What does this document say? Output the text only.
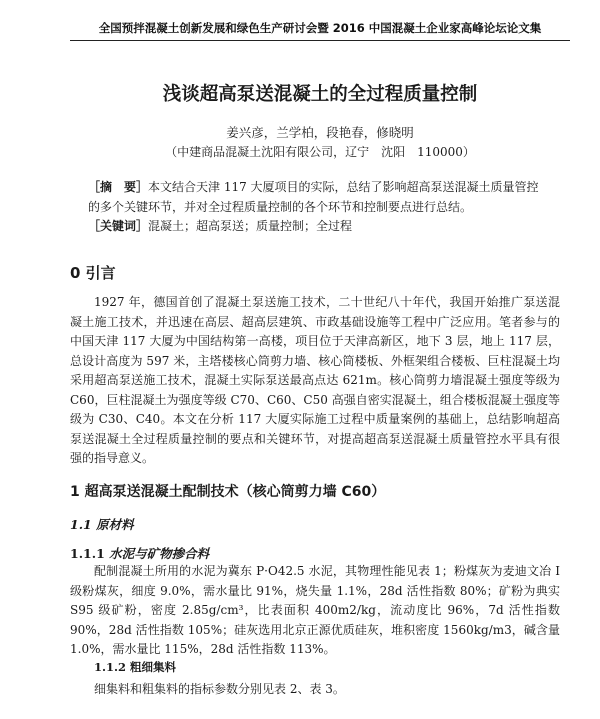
全国预拌混凝土创新发展和绿色生产研讨会暨 2016 中国混凝土企业家高峰论坛论文集
浅谈超高泵送混凝土的全过程质量控制
姜兴彦，兰学柏，段艳春，修晓明
（中建商品混凝土沈阳有限公司，辽宁　沈阳　110000）

［摘　要］本文结合天津 117 大厦项目的实际，总结了影响超高泵送混凝土质量管控的多个关键环节，并对全过程质量控制的各个环节和控制要点进行总结。

［关键词］混凝土；超高泵送；质量控制；全过程

0 引言

1927 年，德国首创了混凝土泵送施工技术，二十世纪八十年代，我国开始推广泵送混凝土施工技术，并迅速在高层、超高层建筑、市政基础设施等工程中广泛应用。笔者参与的中国天津 117 大厦为中国结构第一高楼，项目位于天津高新区，地下 3 层，地上 117 层，总设计高度为 597 米，主塔楼核心筒剪力墙、核心筒楼板、外框架组合楼板、巨柱混凝土均采用超高泵送施工技术，混凝土实际泵送最高点达 621m。核心筒剪力墙混凝土强度等级为 C60，巨柱混凝土为强度等级 C70、C60、C50 高强自密实混凝土，组合楼板混凝土强度等级为 C30、C40。本文在分析 117 大厦实际施工过程中质量案例的基础上，总结影响超高泵送混凝土全过程质量控制的要点和关键环节，对提高超高泵送混凝土质量管控水平具有很强的指导意义。

1 超高泵送混凝土配制技术（核心筒剪力墙 C60）
1.1 原材料
1.1.1 水泥与矿物掺合料

配制混凝土所用的水泥为冀东 P·O42.5 水泥，其物理性能见表 1；粉煤灰为麦迪文冶 I 级粉煤灰，细度 9.0%，需水量比 91%，烧失量 1.1%，28d 活性指数 80%；矿粉为典实 S95 级矿粉，密度 2.85g/cm³，比表面积 400m2/kg，流动度比 96%，7d 活性指数 90%，28d 活性指数 105%；硅灰选用北京正源优质硅灰，堆积密度 1560kg/m3，碱含量 1.0%，需水量比 115%，28d 活性指数 113%。

1.1.2 粗细集料

细集料和粗集料的指标参数分别见表 2、表 3。
